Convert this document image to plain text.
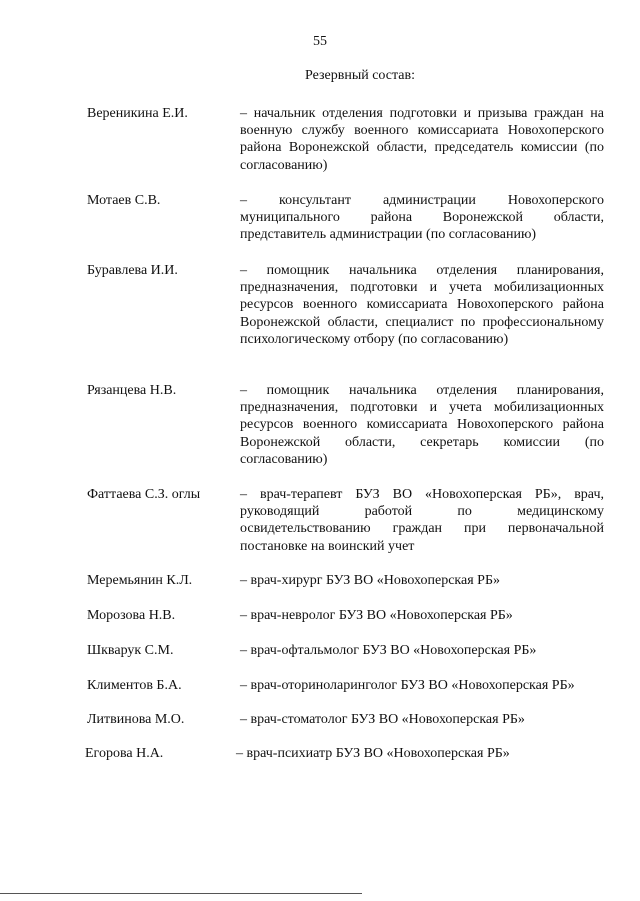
55
Резервный состав:
Вереникина Е.И.	– начальник отделения подготовки и призыва граждан на военную службу военного комиссариата Новохоперского района Воронежской области, председатель комиссии (по согласованию)
Мотаев С.В.	– консультант администрации Новохоперского муниципального района Воронежской области, представитель администрации (по согласованию)
Буравлева И.И.	– помощник начальника отделения планирования, предназначения, подготовки и учета мобилизационных ресурсов военного комиссариата Новохоперского района Воронежской области, специалист по профессиональному психологическому отбору (по согласованию)
Рязанцева Н.В.	– помощник начальника отделения планирования, предназначения, подготовки и учета мобилизационных ресурсов военного комиссариата Новохоперского района Воронежской области, секретарь комиссии (по согласованию)
Фаттаева С.З. оглы	– врач-терапевт БУЗ ВО «Новохоперская РБ», врач, руководящий работой по медицинскому освидетельствованию граждан при первоначальной постановке на воинский учет
Меремьянин К.Л.	– врач-хирург БУЗ ВО «Новохоперская РБ»
Морозова Н.В.	– врач-невролог БУЗ ВО «Новохоперская РБ»
Шкварук С.М.	– врач-офтальмолог БУЗ ВО «Новохоперская РБ»
Климентов Б.А.	– врач-оториноларинголог БУЗ ВО «Новохоперская РБ»
Литвинова М.О.	– врач-стоматолог БУЗ ВО «Новохоперская РБ»
Егорова Н.А.	– врач-психиатр БУЗ ВО «Новохоперская РБ»
